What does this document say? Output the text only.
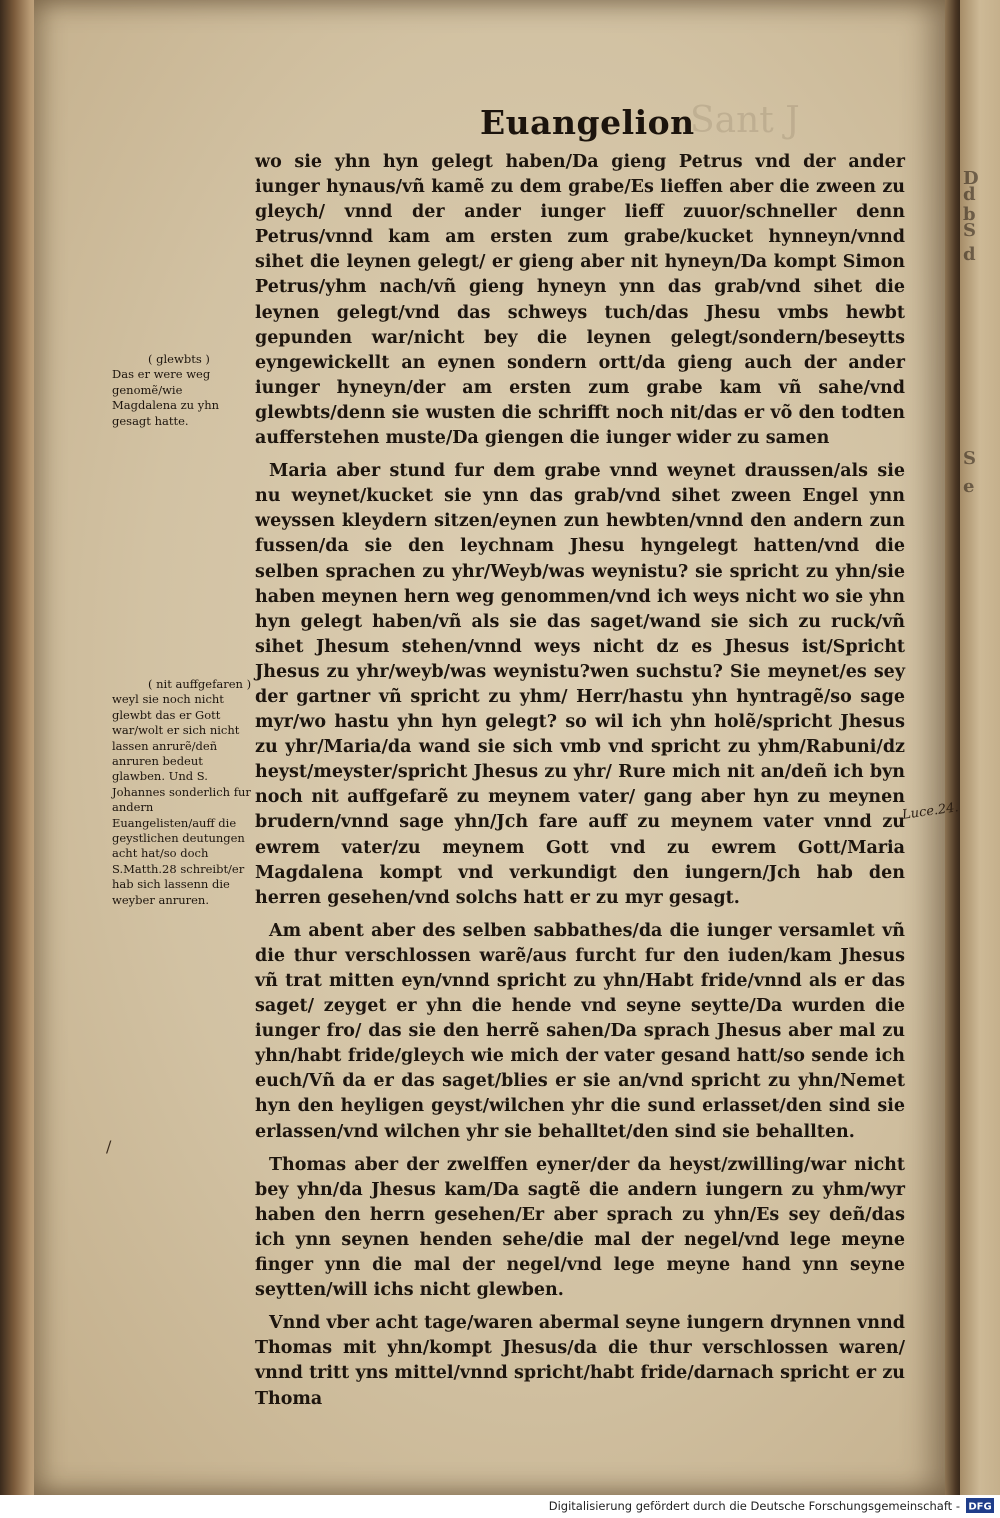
D
d
b
S
d
S
e
Sant J
Euangelion

wo sie yhn hyn gelegt haben/Da gieng Petrus vnd der ander iunger hynaus/vñ kamẽ zu dem grabe/Es lieffen aber die zween zu gleych/ vnnd der ander iunger lieff zuuor/schneller denn Petrus/vnnd kam am ersten zum grabe/kucket hynneyn/vnnd sihet die leynen gelegt/ er gieng aber nit hyneyn/Da kompt Simon Petrus/yhm nach/vñ gieng hyneyn ynn das grab/vnd sihet die leynen gelegt/vnd das schweys tuch/das Jhesu vmbs hewbt gepunden war/nicht bey die leynen gelegt/sondern/beseytts eyngewickellt an eynen sondern ortt/da gieng auch der ander iunger hyneyn/der am ersten zum grabe kam vñ sahe/vnd glewbts/denn sie wusten die schrifft noch nit/das er võ den todten aufferstehen muste/Da giengen die iunger wider zu samen

Maria aber stund fur dem grabe vnnd weynet draussen/als sie nu weynet/kucket sie ynn das grab/vnd sihet zween Engel ynn weyssen kleydern sitzen/eynen zun hewbten/vnnd den andern zun fussen/da sie den leychnam Jhesu hyngelegt hatten/vnd die selben sprachen zu yhr/Weyb/was weynistu? sie spricht zu yhn/sie haben meynen hern weg genommen/vnd ich weys nicht wo sie yhn hyn gelegt haben/vñ als sie das saget/wand sie sich zu ruck/vñ sihet Jhesum stehen/vnnd weys nicht dz es Jhesus ist/Spricht Jhesus zu yhr/weyb/was weynistu?wen suchstu? Sie meynet/es sey der gartner vñ spricht zu yhm/ Herr/hastu yhn hyntragẽ/so sage myr/wo hastu yhn hyn gelegt? so wil ich yhn holẽ/spricht Jhesus zu yhr/Maria/da wand sie sich vmb vnd spricht zu yhm/Rabuni/dz heyst/meyster/spricht Jhesus zu yhr/ Rure mich nit an/deñ ich byn noch nit auffgefarẽ zu meynem vater/ gang aber hyn zu meynen brudern/vnnd sage yhn/Jch fare auff zu meynem vater vnnd zu ewrem vater/zu meynem Gott vnd zu ewrem Gott/Maria Magdalena kompt vnd verkundigt den iungern/Jch hab den herren gesehen/vnd solchs hatt er zu myr gesagt.

Am abent aber des selben sabbathes/da die iunger versamlet vñ die thur verschlossen warẽ/aus furcht fur den iuden/kam Jhesus vñ trat mitten eyn/vnnd spricht zu yhn/Habt fride/vnnd als er das saget/ zeyget er yhn die hende vnd seyne seytte/Da wurden die iunger fro/ das sie den herrẽ sahen/Da sprach Jhesus aber mal zu yhn/habt fride/gleych wie mich der vater gesand hatt/so sende ich euch/Vñ da er das saget/blies er sie an/vnd spricht zu yhn/Nemet hyn den heyligen geyst/wilchen yhr die sund erlasset/den sind sie erlassen/vnd wilchen yhr sie behalltet/den sind sie behallten.

Thomas aber der zwelffen eyner/der da heyst/zwilling/war nicht bey yhn/da Jhesus kam/Da sagtẽ die andern iungern zu yhm/wyr haben den herrn gesehen/Er aber sprach zu yhn/Es sey deñ/das ich ynn seynen henden sehe/die mal der negel/vnd lege meyne finger ynn die mal der negel/vnd lege meyne hand ynn seyne seytten/will ichs nicht glewben.

Vnnd vber acht tage/waren abermal seyne iungern drynnen vnnd Thomas mit yhn/kompt Jhesus/da die thur verschlossen waren/ vnnd tritt yns mittel/vnnd spricht/habt fride/darnach spricht er zu Thoma

( glewbts )
Das er were weg genomẽ/wie Magdalena zu yhn gesagt hatte.
( nit auffgefaren )
weyl sie noch nicht glewbt das er Gott war/wolt er sich nicht lassen anrurẽ/deñ anruren bedeut glawben. Und S. Johannes sonderlich fur andern Euangelisten/auff die geystlichen deutungen acht hat/so doch S.Matth.28 schreibt/er hab sich lassenn die weyber anruren.
Luce.24.
/
Digitalisierung gefördert durch die Deutsche Forschungsgemeinschaft - DFG
